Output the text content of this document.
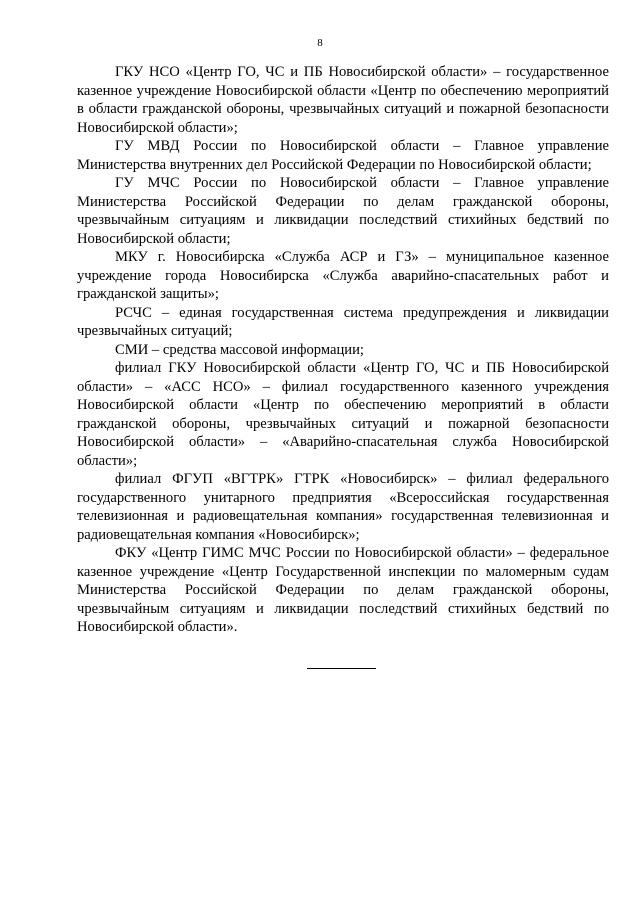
8

ГКУ НСО «Центр ГО, ЧС и ПБ Новосибирской области» – государственное казенное учреждение Новосибирской области «Центр по обеспечению мероприятий в области гражданской обороны, чрезвычайных ситуаций и пожарной безопасности Новосибирской области»;

ГУ МВД России по Новосибирской области – Главное управление Министерства внутренних дел Российской Федерации по Новосибирской области;

ГУ МЧС России по Новосибирской области – Главное управление Министерства Российской Федерации по делам гражданской обороны, чрезвычайным ситуациям и ликвидации последствий стихийных бедствий по Новосибирской области;

МКУ г. Новосибирска «Служба АСР и ГЗ» – муниципальное казенное учреждение города Новосибирска «Служба аварийно-спасательных работ и гражданской защиты»;

РСЧС – единая государственная система предупреждения и ликвидации чрезвычайных ситуаций;

СМИ – средства массовой информации;

филиал ГКУ Новосибирской области «Центр ГО, ЧС и ПБ Новосибирской области» – «АСС НСО» – филиал государственного казенного учреждения Новосибирской области «Центр по обеспечению мероприятий в области гражданской обороны, чрезвычайных ситуаций и пожарной безопасности Новосибирской области» – «Аварийно-спасательная служба Новосибирской области»;

филиал ФГУП «ВГТРК» ГТРК «Новосибирск» – филиал федерального государственного унитарного предприятия «Всероссийская государственная телевизионная и радиовещательная компания» государственная телевизионная и радиовещательная компания «Новосибирск»;

ФКУ «Центр ГИМС МЧС России по Новосибирской области» – федеральное казенное учреждение «Центр Государственной инспекции по маломерным судам Министерства Российской Федерации по делам гражданской обороны, чрезвычайным ситуациям и ликвидации последствий стихийных бедствий по Новосибирской области».
